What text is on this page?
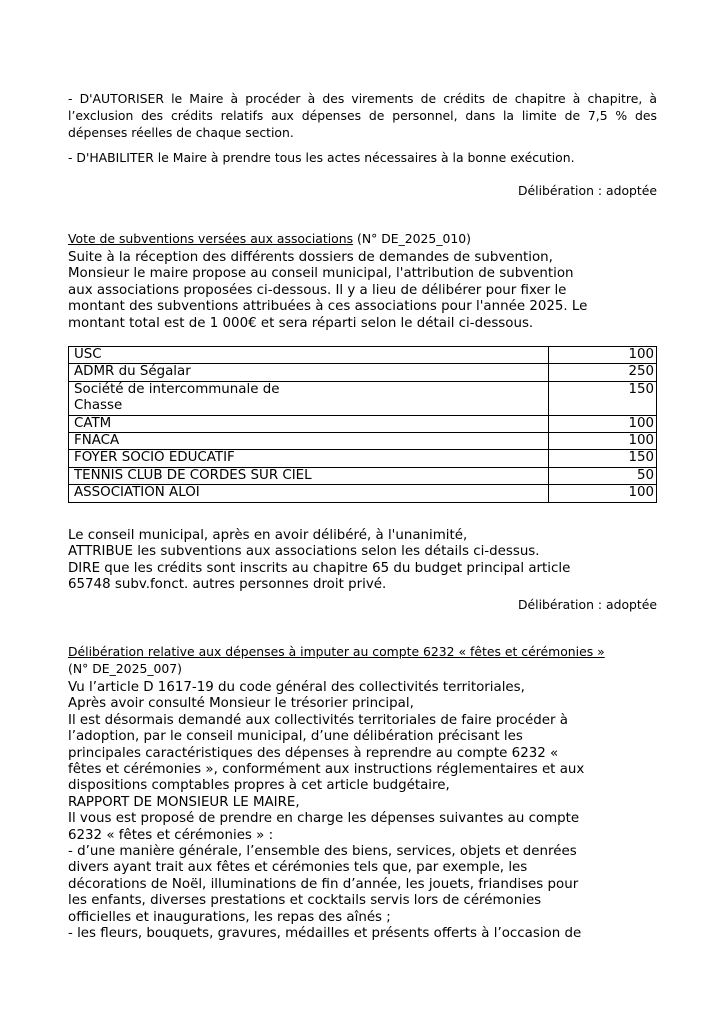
- D'AUTORISER le Maire à procéder à des virements de crédits de chapitre à chapitre, à l’exclusion des crédits relatifs aux dépenses de personnel, dans la limite de 7,5 % des dépenses réelles de chaque section.
- D'HABILITER le Maire à prendre tous les actes nécessaires à la bonne exécution.
Délibération : adoptée
Vote de subventions versées aux associations (N° DE_2025_010)
Suite à la réception des différents dossiers de demandes de subvention,
Monsieur le maire propose au conseil municipal, l'attribution de subvention
aux associations proposées ci-dessous. Il y a lieu de délibérer pour fixer le
montant des subventions attribuées à ces associations pour l'année 2025. Le
montant total est de 1 000€ et sera réparti selon le détail ci-dessous.
USC	100
ADMR du Ségalar	250
Société de intercommunale de
Chasse	150
CATM	100
FNACA	100
FOYER SOCIO EDUCATIF	150
TENNIS CLUB DE CORDES SUR CIEL	50
ASSOCIATION ALOI	100
Le conseil municipal, après en avoir délibéré, à l'unanimité,
ATTRIBUE les subventions aux associations selon les détails ci-dessus.
DIRE que les crédits sont inscrits au chapitre 65 du budget principal article
65748 subv.fonct. autres personnes droit privé.
Délibération : adoptée
Délibération relative aux dépenses à imputer au compte 6232 « fêtes et cérémonies »
(N° DE_2025_007)
Vu l’article D 1617-19 du code général des collectivités territoriales,
Après avoir consulté Monsieur le trésorier principal,
Il est désormais demandé aux collectivités territoriales de faire procéder à
l’adoption, par le conseil municipal, d’une délibération précisant les
principales caractéristiques des dépenses à reprendre au compte 6232 «
fêtes et cérémonies », conformément aux instructions réglementaires et aux
dispositions comptables propres à cet article budgétaire,
RAPPORT DE MONSIEUR LE MAIRE,
Il vous est proposé de prendre en charge les dépenses suivantes au compte
6232 « fêtes et cérémonies » :
- d’une manière générale, l’ensemble des biens, services, objets et denrées
divers ayant trait aux fêtes et cérémonies tels que, par exemple, les
décorations de Noël, illuminations de fin d’année, les jouets, friandises pour
les enfants, diverses prestations et cocktails servis lors de cérémonies
officielles et inaugurations, les repas des aînés ;
- les fleurs, bouquets, gravures, médailles et présents offerts à l’occasion de
